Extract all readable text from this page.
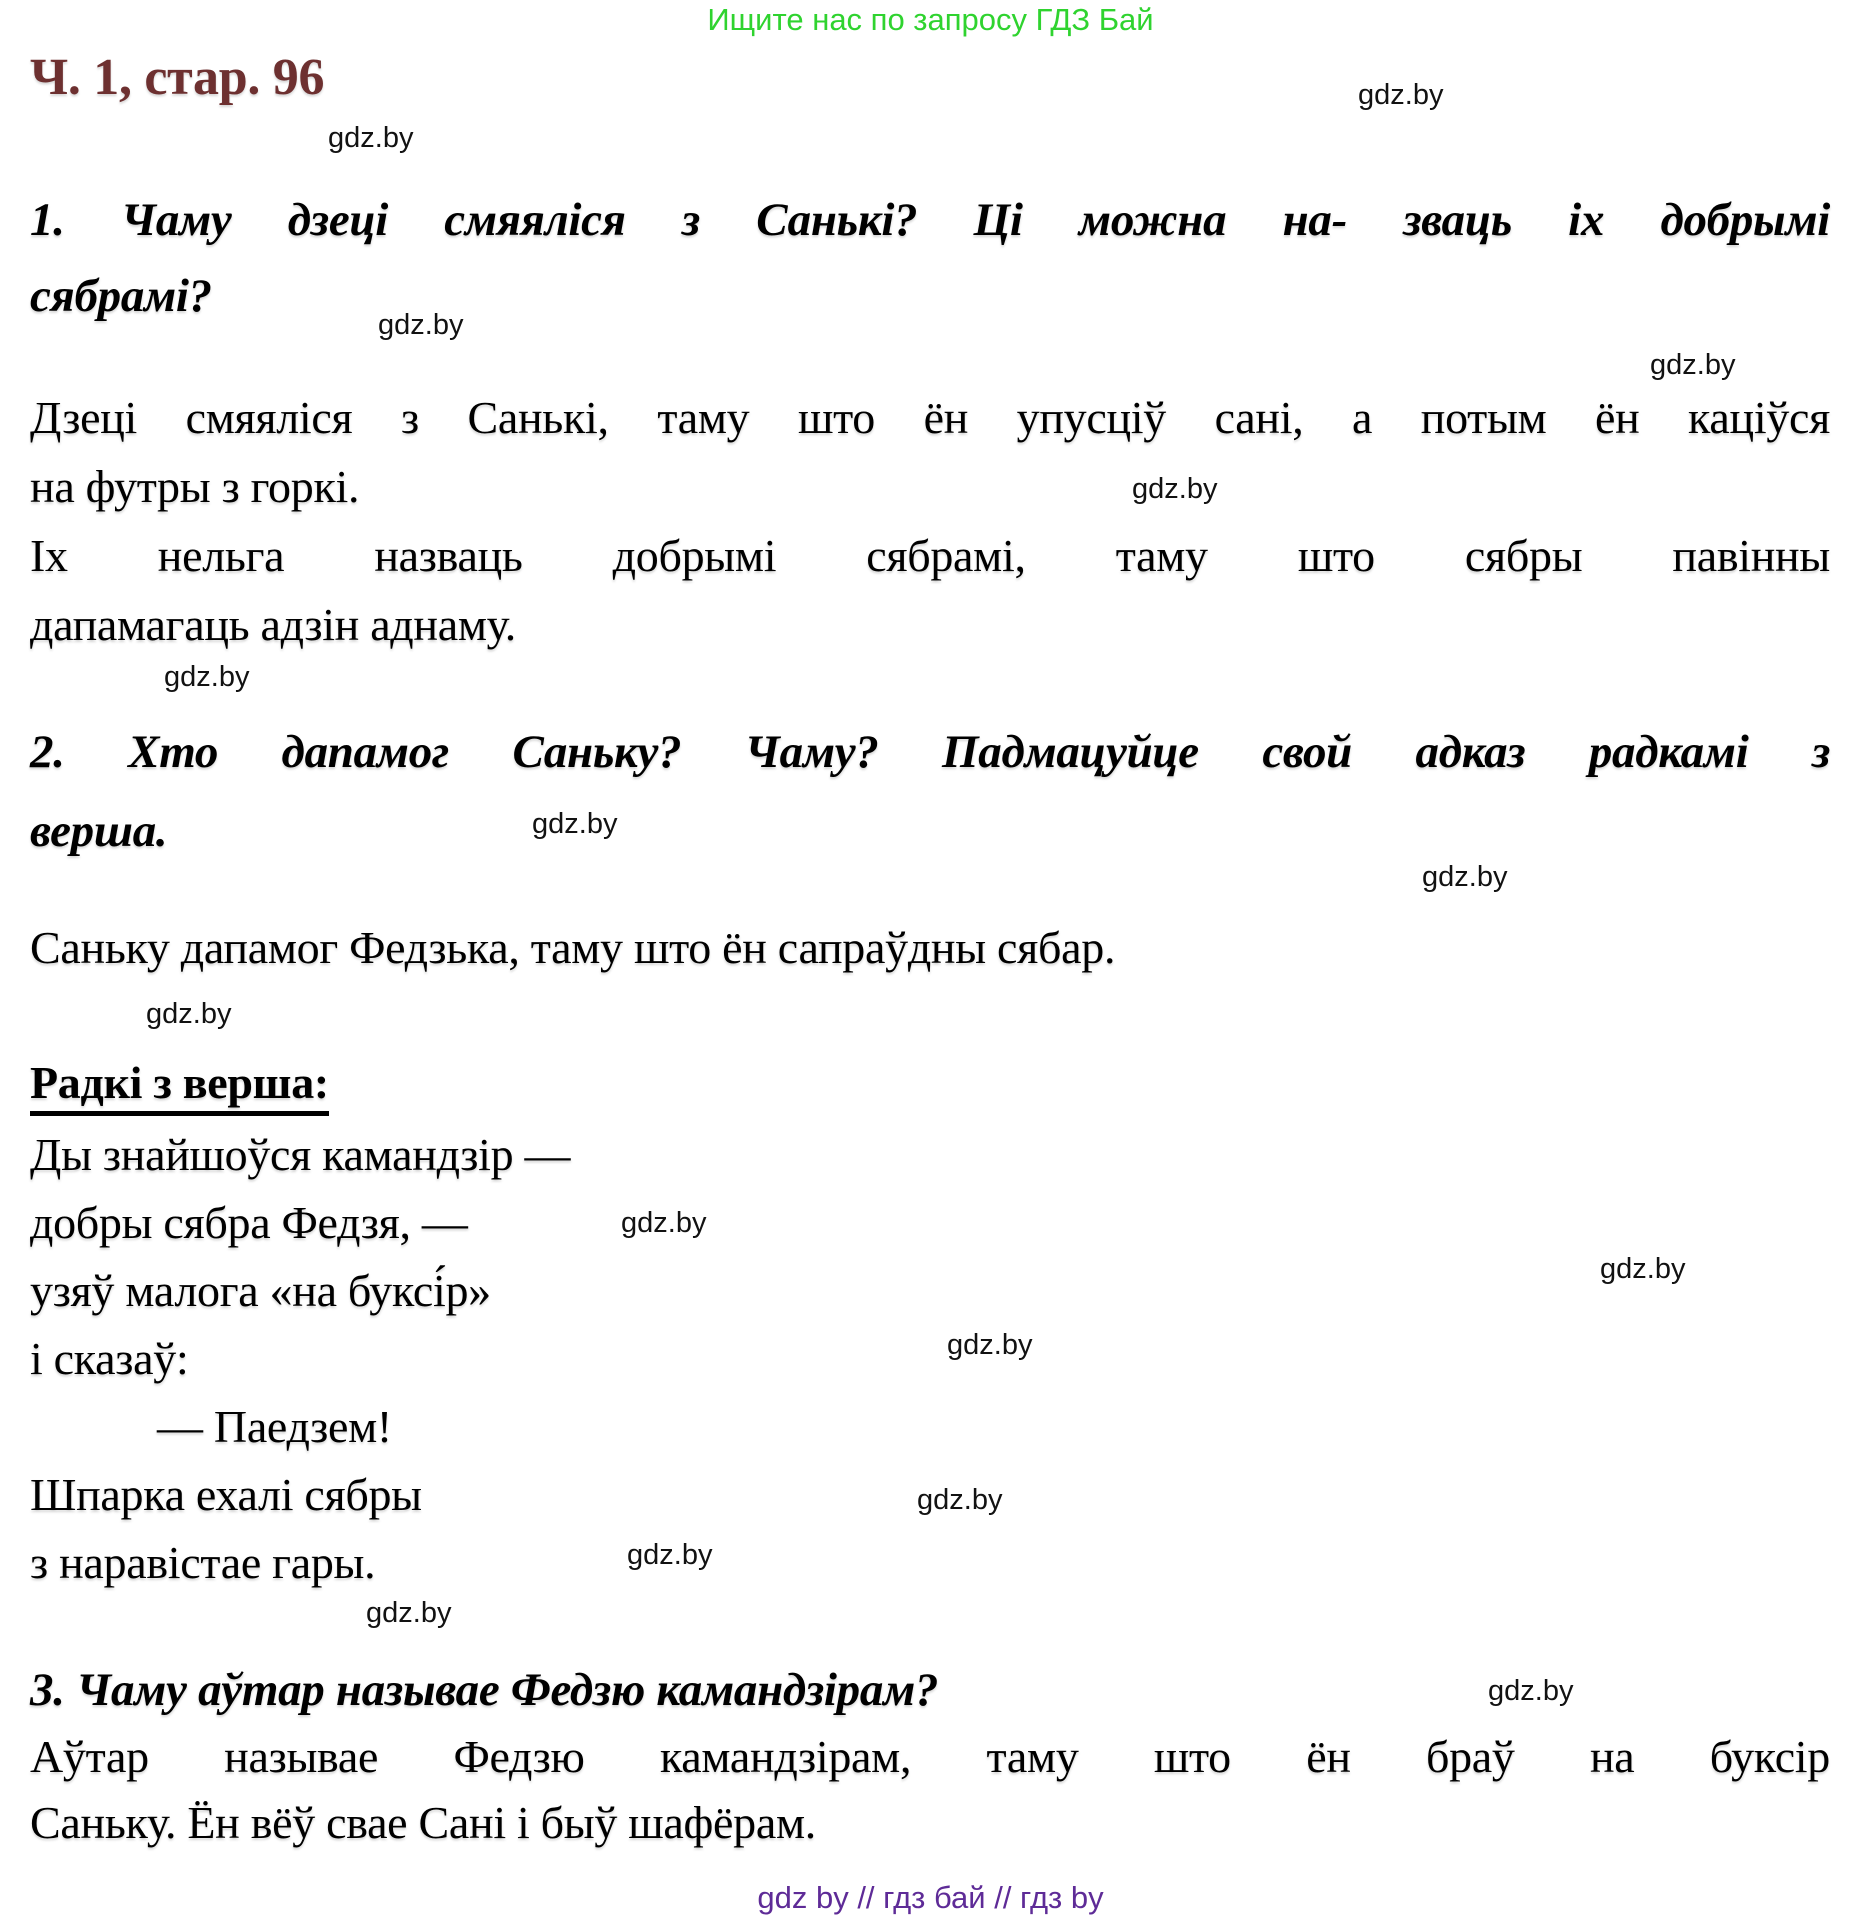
Ищите нас по запросу ГДЗ Бай
Ч. 1, стар. 96	gdz.by
gdz.by
gdz.by
gdz.by
gdz.by
gdz.by
gdz.by
gdz.by
gdz.by
gdz.by
gdz.by
gdz.by
gdz.by
gdz.by
gdz.by
gdz.by
1. Чаму дзеці смяяліся з Санькі? Ці можна на- зваць іх добрымі
сябрамі?
Дзеці смяяліся з Санькі, таму што ён упусціў сані, а потым ён каціўся
на футры з горкі.
Іх нельга назваць добрымі сябрамі, таму што сябры павінны
дапамагаць адзін аднаму.
2. Хто дапамог Саньку? Чаму? Падмацуйце свой адказ радкамі з
верша.
Саньку дапамог Федзька, таму што ён сапраўдны сябар.
Радкі з верша:
Ды знайшоўся камандзір —
добры сябра Федзя, —
узяў малога «на буксі́р»
і сказаў:
— Паедзем!
Шпарка ехалі сябры
з наравістае гары.
3. Чаму аўтар называе Федзю камандзірам?
Аўтар называе Федзю камандзірам, таму што ён браў на буксір
Саньку. Ён вёў свае Сані і быў шафёрам.
gdz by // гдз бай // гдз by
